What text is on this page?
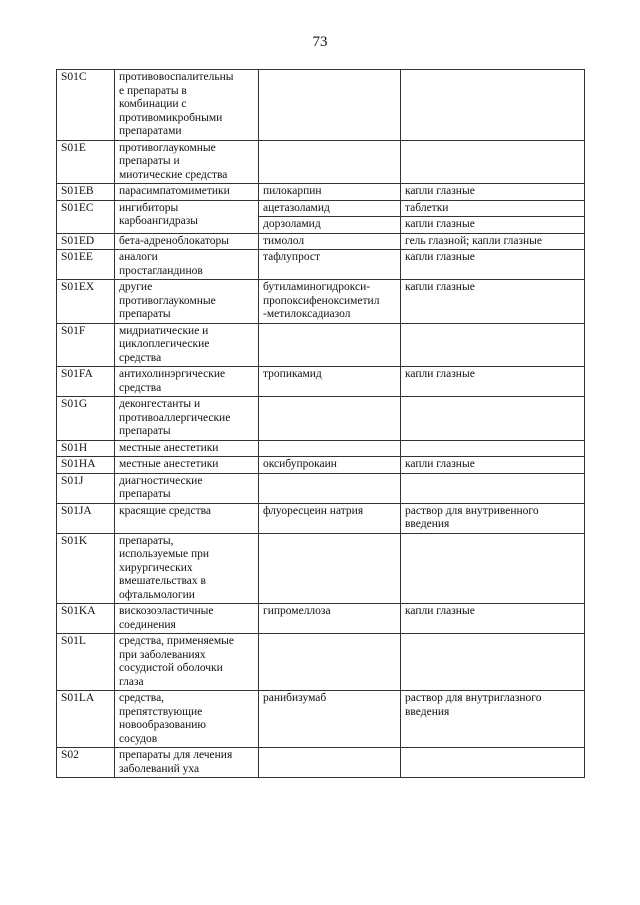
73
S01C	противовоспалительны
е препараты в
комбинации с
противомикробными
препаратами		
S01E	противоглаукомные
препараты и
миотические средства		
S01EB	парасимпатомиметики	пилокарпин	капли глазные
S01EC	ингибиторы
карбоангидразы	ацетазоламид	таблетки
		дорзоламид	капли глазные
S01ED	бета-адреноблокаторы	тимолол	гель глазной; капли глазные
S01EE	аналоги
простагландинов	тафлупрост	капли глазные
S01EX	другие
противоглаукомные
препараты	бутиламиногидрокси-
пропоксифеноксиметил
-метилоксадиазол	капли глазные
S01F	мидриатические и
циклоплегические
средства		
S01FA	антихолинэргические
средства	тропикамид	капли глазные
S01G	деконгестанты и
противоаллергические
препараты		
S01H	местные анестетики		
S01HA	местные анестетики	оксибупрокаин	капли глазные
S01J	диагностические
препараты		
S01JA	красящие средства	флуоресцеин натрия	раствор для внутривенного
введения
S01K	препараты,
используемые при
хирургических
вмешательствах в
офтальмологии		
S01KA	вискозоэластичные
соединения	гипромеллоза	капли глазные
S01L	средства, применяемые
при заболеваниях
сосудистой оболочки
глаза		
S01LA	средства,
препятствующие
новообразованию
сосудов	ранибизумаб	раствор для внутриглазного
введения
S02	препараты для лечения
заболеваний уха		
